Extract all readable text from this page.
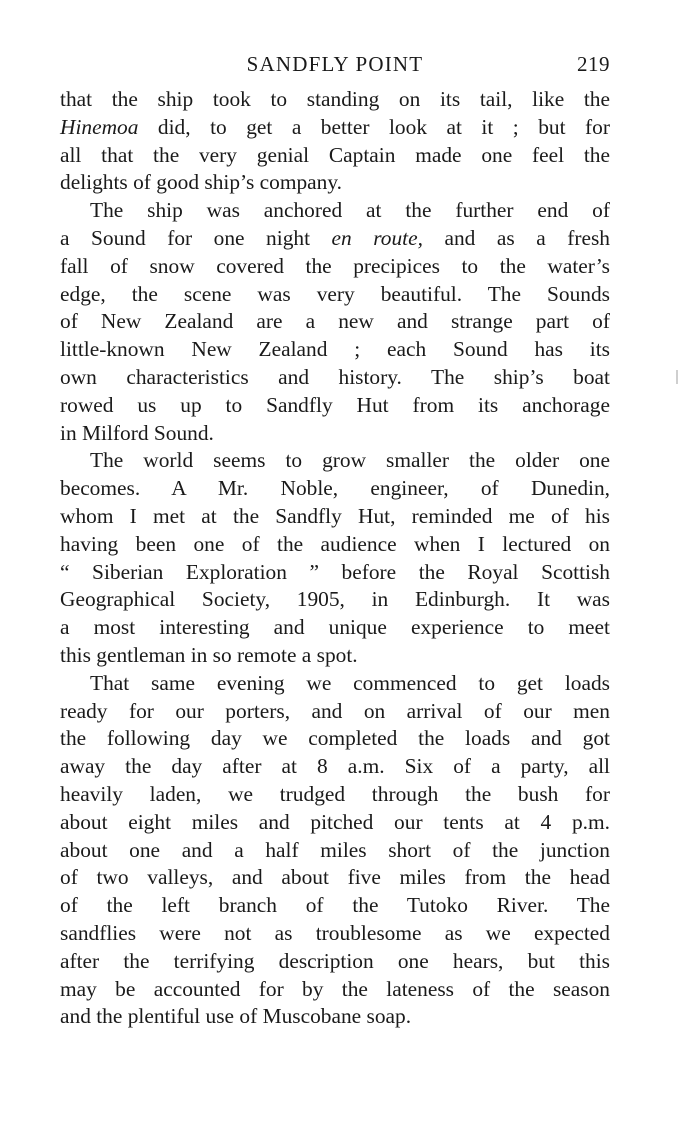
SANDFLY POINT	219
that the ship took to standing on its tail, like the
Hinemoa did, to get a better look at it ; but for
all that the very genial Captain made one feel the
delights of good ship’s company.
The ship was anchored at the further end of
a Sound for one night en route, and as a fresh
fall of snow covered the precipices to the water’s
edge, the scene was very beautiful. The Sounds
of New Zealand are a new and strange part of
little-known New Zealand ; each Sound has its
own characteristics and history. The ship’s boat
rowed us up to Sandfly Hut from its anchorage
in Milford Sound.
The world seems to grow smaller the older one
becomes. A Mr. Noble, engineer, of Dunedin,
whom I met at the Sandfly Hut, reminded me of his
having been one of the audience when I lectured on
“ Siberian Exploration ” before the Royal Scottish
Geographical Society, 1905, in Edinburgh. It was
a most interesting and unique experience to meet
this gentleman in so remote a spot.
That same evening we commenced to get loads
ready for our porters, and on arrival of our men
the following day we completed the loads and got
away the day after at 8 a.m. Six of a party, all
heavily laden, we trudged through the bush for
about eight miles and pitched our tents at 4 p.m.
about one and a half miles short of the junction
of two valleys, and about five miles from the head
of the left branch of the Tutoko River. The
sandflies were not as troublesome as we expected
after the terrifying description one hears, but this
may be accounted for by the lateness of the season
and the plentiful use of Muscobane soap.
